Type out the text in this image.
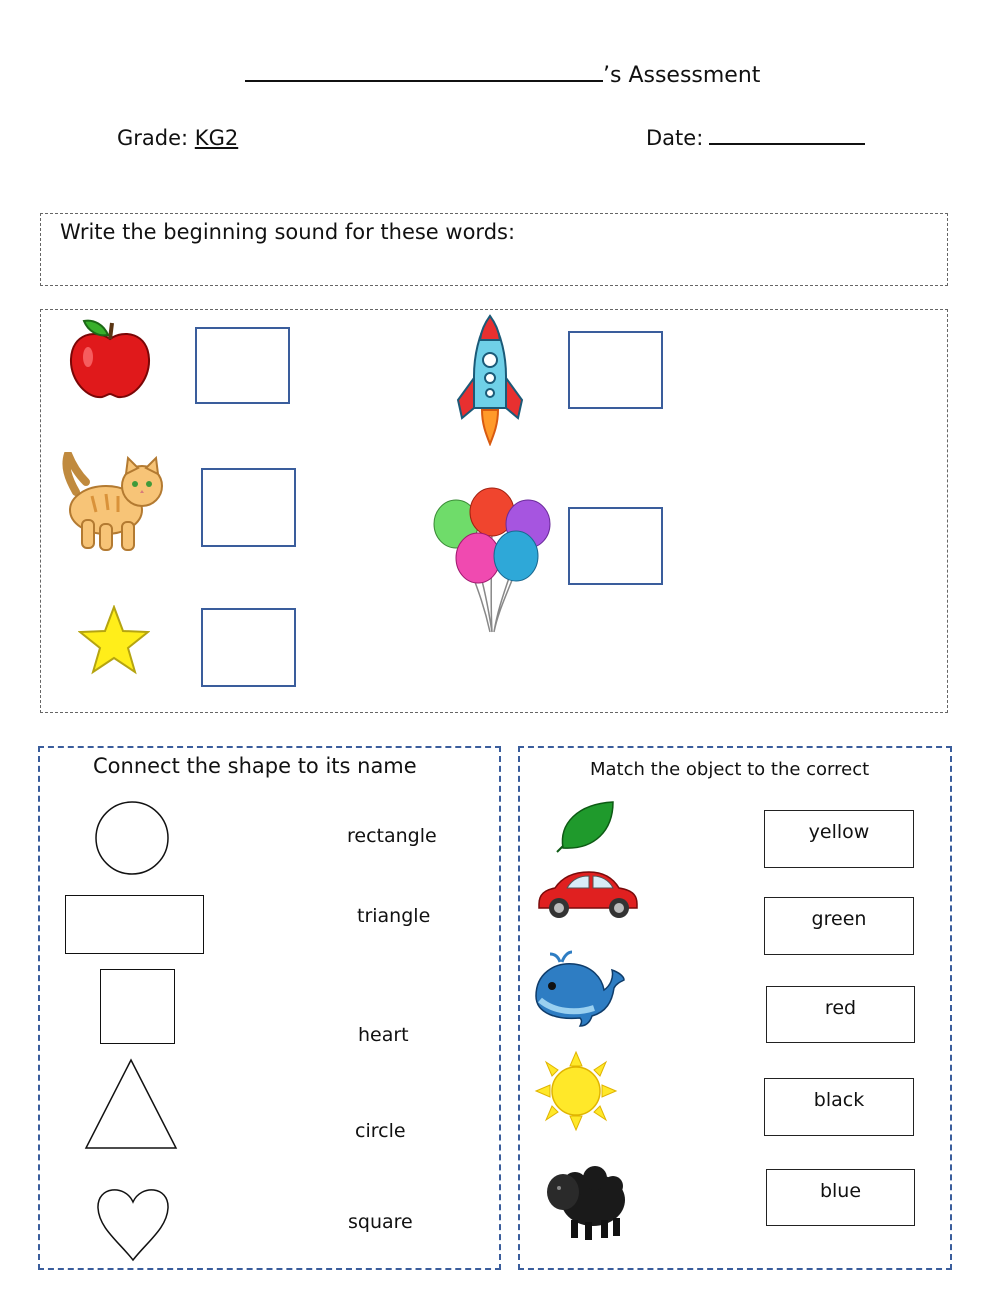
’s Assessment
Grade: KG2	Date:
Write the beginning sound for these words:
Connect the shape to its name
rectangle
triangle
heart
circle
square
Match the object to the correct
yellow
green
red
black
blue
